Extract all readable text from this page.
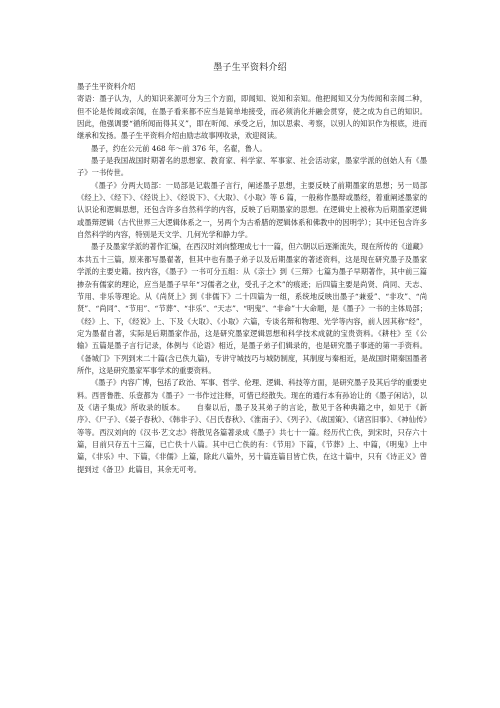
墨子生平资料介绍

墨子生平资料介绍

寄语：墨子认为，人的知识来源可分为三个方面，即闻知、说知和亲知。他把闻知又分为传闻和亲闻二种，但不论是传闻或亲闻，在墨子看来都不应当是简单地接受，而必须消化并融会贯穿，使之成为自己的知识。因此，他强调要“循所闻而得其义”，即在听闻、承受之后，加以思索、考察，以别人的知识作为根底，进而继承和发扬。墨子生平资料介绍由励志故事网收录，欢迎阅读。

墨子，约在公元前 468 年～前 376 年，名翟，鲁人。

墨子是我国战国时期著名的思想家、教育家、科学家、军事家、社会活动家，墨家学派的创始人有《墨子》一书传世。

《墨子》分两大局部：一局部是记载墨子言行，阐述墨子思想，主要反映了前期墨家的思想；另一局部《经上》、《经下》、《经说上》、《经说下》、《大取》、《小取》等 6 篇，一般称作墨辩或墨经，着重阐述墨家的认识论和逻辑思想，还包含许多自然科学的内容，反映了后期墨家的思想。在逻辑史上被称为后期墨家逻辑或墨辩逻辑（古代世界三大逻辑体系之一，另两个为古希腊的逻辑体系和佛教中的因明学）；其中还包含许多自然科学的内容，特别是天文学、几何光学和静力学。

墨子及墨家学派的著作汇编，在西汉时刘向整理成七十一篇，但六朝以后逐渐流失，现在所传的《道藏》本共五十三篇，原来都写墨翟著，但其中也有墨子弟子以及后期墨家的著述资料，这是现在研究墨子及墨家学派的主要史籍。按内容，《墨子》一书可分五组：从《亲士》到《三辩》七篇为墨子早期著作，其中前三篇掺杂有儒家的理论，应当是墨子早年“习儒者之业，受孔子之术”的痕迹；后四篇主要是尚贤、尚同、天志、节用、非乐等理论。从《尚贤上》到《非儒下》二十四篇为一组，系统地反映出墨子“兼爱”、“非攻”、“尚贤”、“尚同”、“节用”、“节葬”、“非乐”、“天志”、“明鬼”、“非命”十大命题，是《墨子》一书的主体局部；《经》上、下，《经说》上、下及《大取》、《小取》六篇，专谈名辩和物理、光学等内容，前人因其称“经”，定为墨翟自著，实际是后期墨家作品，这是研究墨家逻辑思想和科学技术成就的宝贵资料。《耕柱》至《公输》五篇是墨子言行记录，体例与《论语》相近，是墨子弟子们辑录的，也是研究墨子事迹的第一手资料。《备城门》下列到末二十篇(含已佚九篇)，专讲守城技巧与城防制度，其制度与秦相近，是战国时期秦国墨者所作，这是研究墨家军事学术的重要资料。

《墨子》内容广博，包括了政治、军事、哲学、伦理、逻辑、科技等方面，是研究墨子及其后学的重要史料。西晋鲁胜、乐壹都为《墨子》一书作过注释，可惜已经散失。现在的通行本有孙诒让的《墨子闲诂》，以及《诸子集成》所收录的版本。　　自秦以后，墨子及其弟子的言论，散见于各种典籍之中，如见于《新序》、《尸子》、《晏子春秋》、《韩非子》、《吕氏春秋》、《淮南子》、《列子》、《战国策》、《诸宫旧事》、《神仙传》等等。西汉刘向的《汉书·艺文志》将散见各篇著录成《墨子》共七十一篇。经历代亡佚，到宋时，只存六十篇，目前只存五十三篇，已亡佚十八篇。其中已亡佚的有：《节用》下篇，《节葬》上、中篇，《明鬼》上中篇，《非乐》中、下篇，《非儒》上篇，除此八篇外，另十篇连篇目皆亡佚，在这十篇中，只有《诗正义》曾提到过《备卫》此篇目，其余无可考。
